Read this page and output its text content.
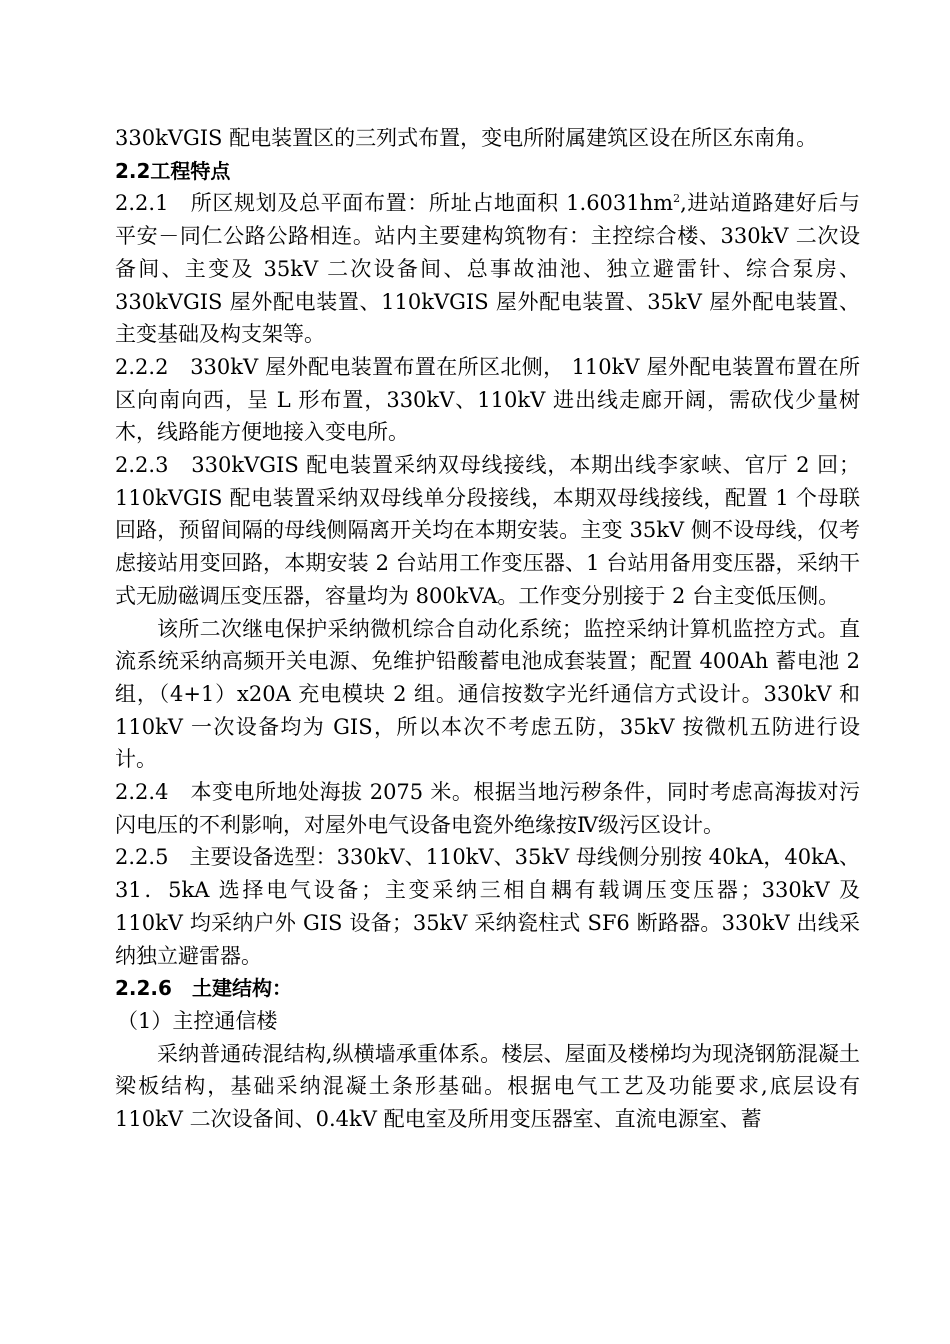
330kVGIS 配电装置区的三列式布置，变电所附属建筑区设在所区东南角。

2.2工程特点

2.2.1　所区规划及总平面布置：所址占地面积 $1.6031hm^2$,进站道路建好后与平安－同仁公路公路相连。站内主要建构筑物有：主控综合楼、330kV 二次设备间、主变及 35kV 二次设备间、总事故油池、独立避雷针、综合泵房、330kVGIS 屋外配电装置、110kVGIS 屋外配电装置、35kV 屋外配电装置、主变基础及构支架等。

2.2.2　330kV 屋外配电装置布置在所区北侧， 110kV 屋外配电装置布置在所区向南向西，呈 L 形布置，330kV、110kV 进出线走廊开阔，需砍伐少量树木，线路能方便地接入变电所。

2.2.3　330kVGIS 配电装置采纳双母线接线，本期出线李家峡、官厅 2 回；110kVGIS 配电装置采纳双母线单分段接线，本期双母线接线，配置 1 个母联回路，预留间隔的母线侧隔离开关均在本期安装。主变 35kV 侧不设母线，仅考虑接站用变回路，本期安装 2 台站用工作变压器、1 台站用备用变压器，采纳干式无励磁调压变压器，容量均为 800kVA。工作变分别接于 2 台主变低压侧。

该所二次继电保护采纳微机综合自动化系统；监控采纳计算机监控方式。直流系统采纳高频开关电源、免维护铅酸蓄电池成套装置；配置 400Ah 蓄电池 2 组，（4+1）x20A 充电模块 2 组。通信按数字光纤通信方式设计。330kV 和 110kV 一次设备均为 GIS，所以本次不考虑五防，35kV 按微机五防进行设计。

2.2.4　本变电所地处海拔 2075 米。根据当地污秽条件，同时考虑高海拔对污闪电压的不利影响，对屋外电气设备电瓷外绝缘按Ⅳ级污区设计。

2.2.5　主要设备选型：330kV、110kV、35kV 母线侧分别按 40kA，40kA、31．5kA 选择电气设备；主变采纳三相自耦有载调压变压器；330kV 及 110kV 均采纳户外 GIS 设备；35kV 采纳瓷柱式 SF6 断路器。330kV 出线采纳独立避雷器。

2.2.6　土建结构：

（1）主控通信楼

采纳普通砖混结构,纵横墙承重体系。楼层、屋面及楼梯均为现浇钢筋混凝土梁板结构，基础采纳混凝土条形基础。根据电气工艺及功能要求,底层设有 110kV 二次设备间、0.4kV 配电室及所用变压器室、直流电源室、蓄
